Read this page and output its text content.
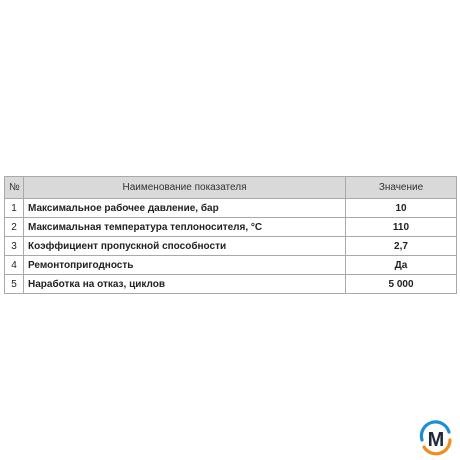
№	Наименование показателя	Значение
1	Максимальное рабочее давление, бар	10
2	Максимальная температура теплоносителя, °С	110
3	Коэффициент пропускной способности	2,7
4	Ремонтопригодность	Да
5	Наработка на отказ, циклов	5 000
M
